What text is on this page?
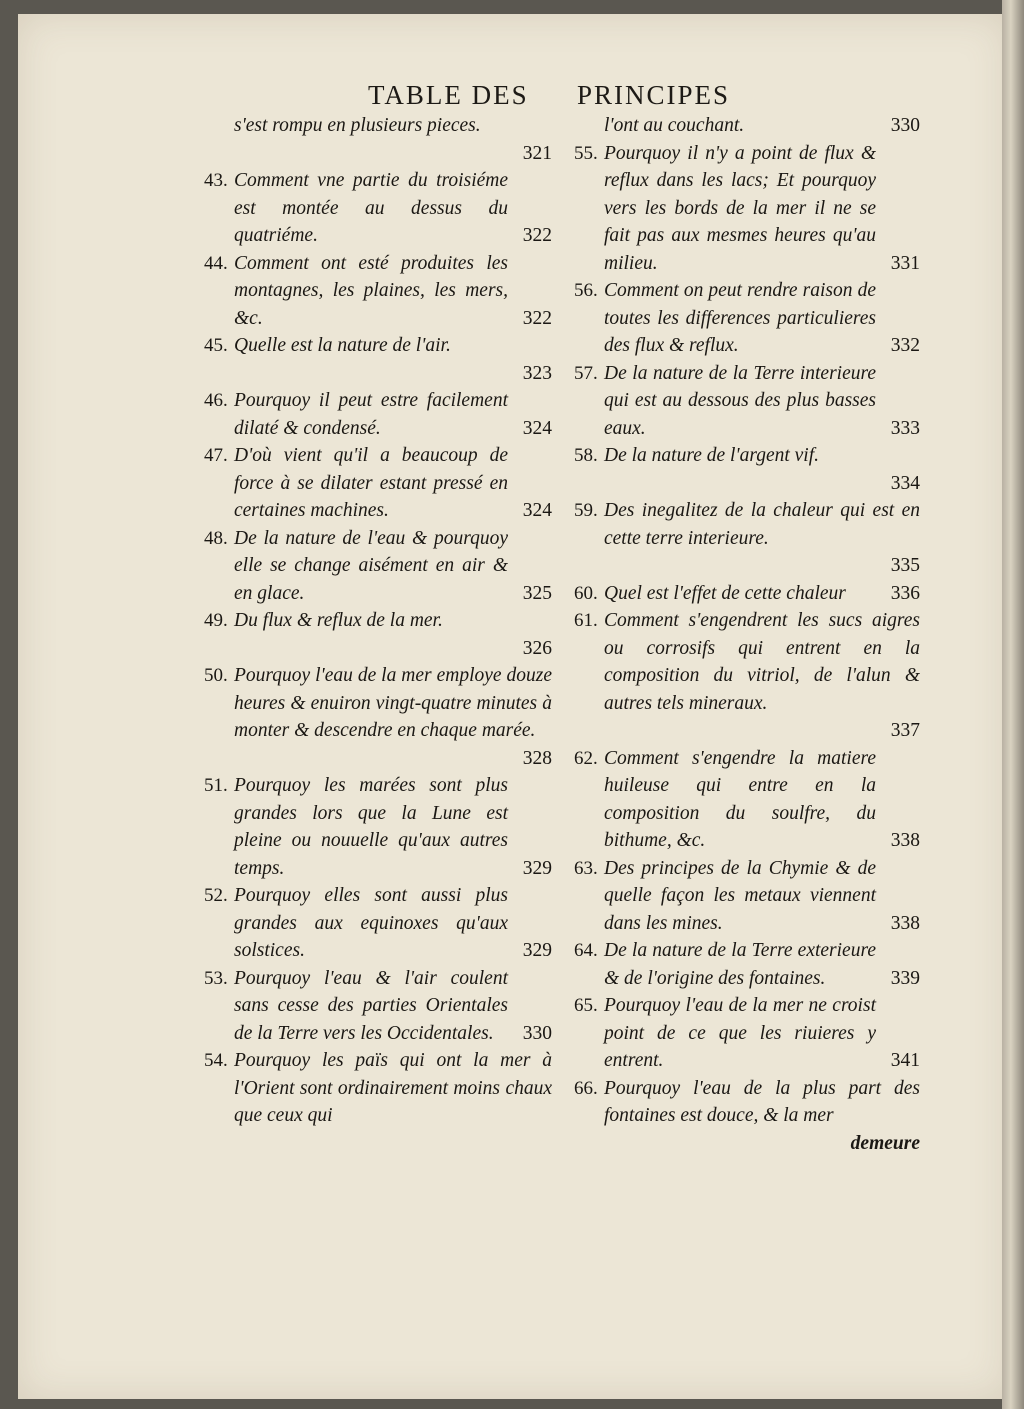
TABLE DES PRINCIPES
s'est rompu en plusieurs pieces.
321
43. Comment vne partie du troisiéme est montée au dessus du quatriéme.	322
44. Comment ont esté produites les montagnes, les plaines, les mers, &c.	322
45. Quelle est la nature de l'air.
323
46. Pourquoy il peut estre facilement dilaté & condensé.	324
47. D'où vient qu'il a beaucoup de force à se dilater estant pressé en certaines machines.	324
48. De la nature de l'eau & pourquoy elle se change aisément en air & en glace.	325
49. Du flux & reflux de la mer.
326
50. Pourquoy l'eau de la mer employe douze heures & enuiron vingt-quatre minutes à monter & descendre en chaque marée.
328
51. Pourquoy les marées sont plus grandes lors que la Lune est pleine ou nouuelle qu'aux autres temps.	329
52. Pourquoy elles sont aussi plus grandes aux equinoxes qu'aux solstices.	329
53. Pourquoy l'eau & l'air coulent sans cesse des parties Orientales de la Terre vers les Occidentales. 330
54. Pourquoy les païs qui ont la mer à l'Orient sont ordinairement moins chaux que ceux qui
l'ont au couchant.	330
55. Pourquoy il n'y a point de flux & reflux dans les lacs; Et pourquoy vers les bords de la mer il ne se fait pas aux mesmes heures qu'au milieu.	331
56. Comment on peut rendre raison de toutes les differences particulieres des flux & reflux.	332
57. De la nature de la Terre interieure qui est au dessous des plus basses eaux.	333
58. De la nature de l'argent vif.
334
59. Des inegalitez de la chaleur qui est en cette terre interieure.
335
60. Quel est l'effet de cette chaleur 336
61. Comment s'engendrent les sucs aigres ou corrosifs qui entrent en la composition du vitriol, de l'alun & autres tels mineraux.
337
62. Comment s'engendre la matiere huileuse qui entre en la composition du soulfre, du bithume, &c.	338
63. Des principes de la Chymie & de quelle façon les metaux viennent dans les mines.	338
64. De la nature de la Terre exterieure & de l'origine des fontaines.	339
65. Pourquoy l'eau de la mer ne croist point de ce que les riuieres y entrent.	341
66. Pourquoy l'eau de la plus part des fontaines est douce, & la mer
demeure
